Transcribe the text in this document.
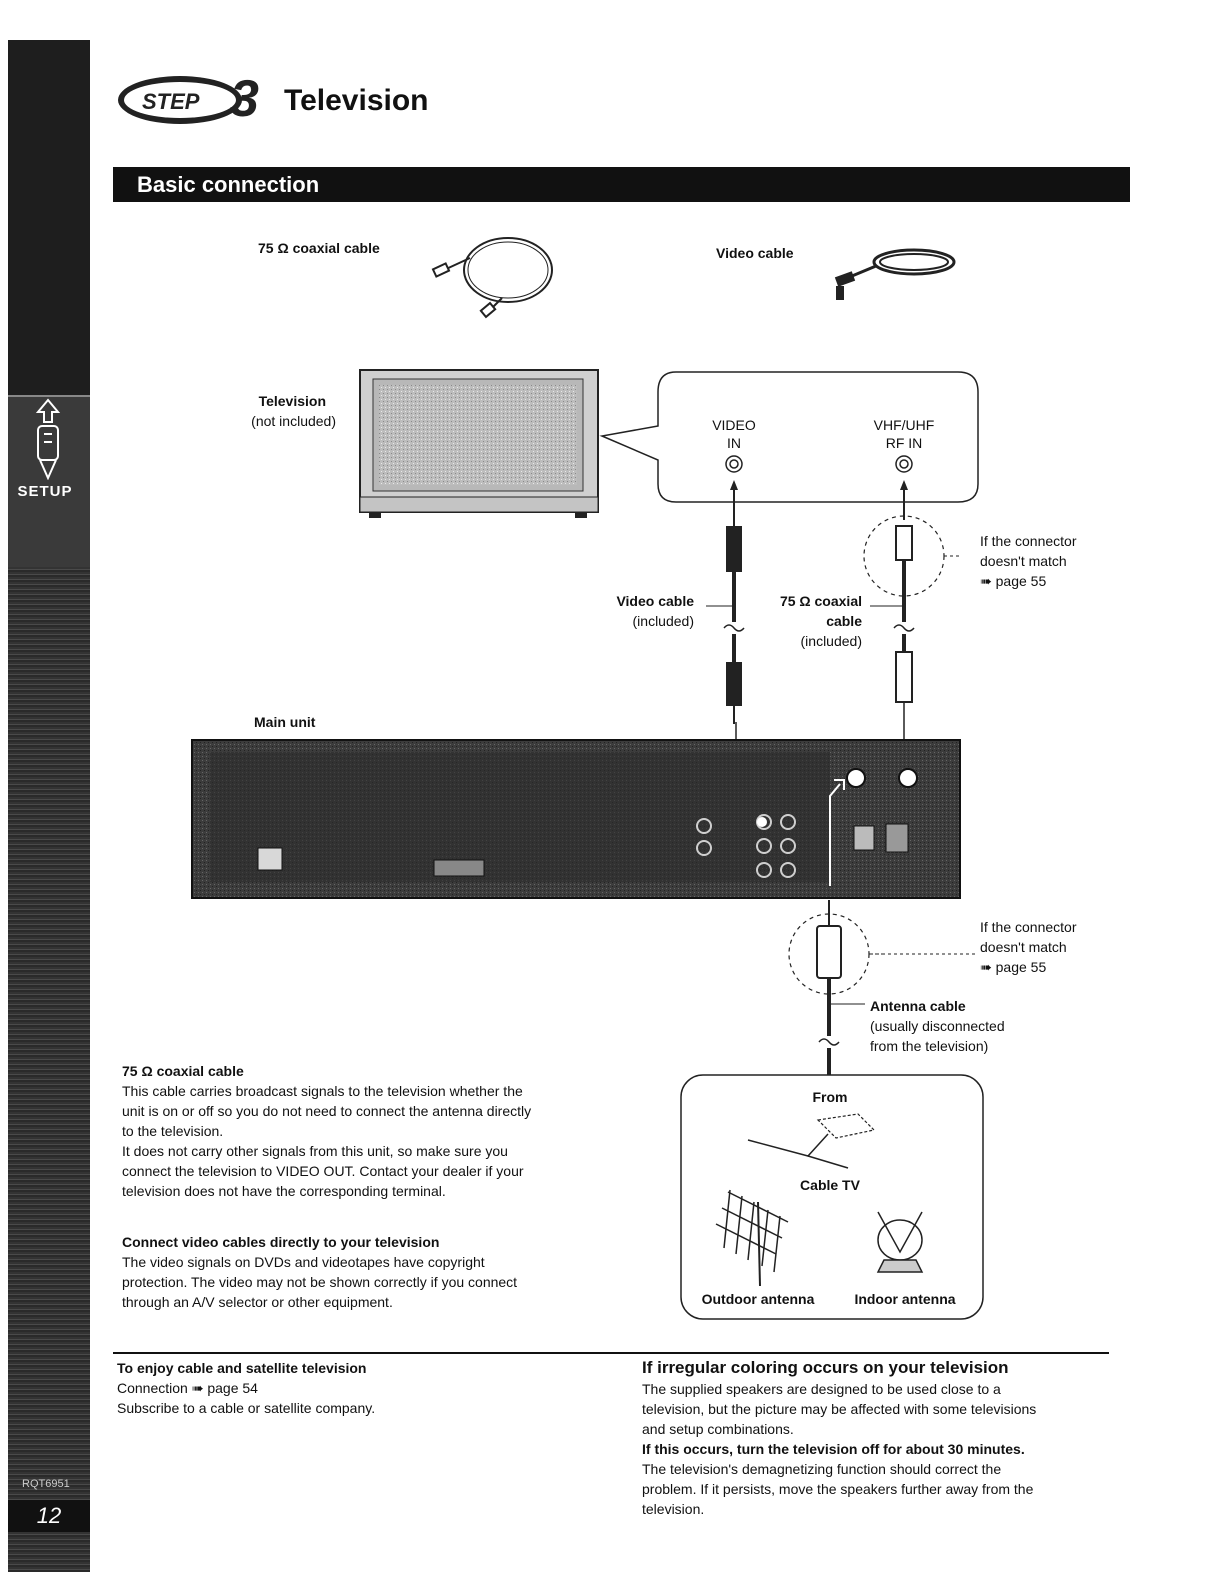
SETUP
RQT6951
12
STEP 3 Television
Basic connection
75 Ω coaxial cable	Video cable
Television
(not included)	VIDEO
IN
VHF/UHF
RF IN
If the connector
doesn't match
➠ page 55
Video cable
(included)
75 Ω coaxial
cable
(included)
Main unit
If the connector
doesn't match
➠ page 55
Antenna cable
(usually disconnected
from the television)
From
Cable TV
Outdoor antenna	Indoor antenna
75 Ω coaxial cable
This cable carries broadcast signals to the television whether the
unit is on or off so you do not need to connect the antenna directly
to the television.
It does not carry other signals from this unit, so make sure you
connect the television to VIDEO OUT. Contact your dealer if your
television does not have the corresponding terminal.
Connect video cables directly to your television
The video signals on DVDs and videotapes have copyright
protection. The video may not be shown correctly if you connect
through an A/V selector or other equipment.
To enjoy cable and satellite television
Connection ➠ page 54
Subscribe to a cable or satellite company.
If irregular coloring occurs on your television
The supplied speakers are designed to be used close to a
television, but the picture may be affected with some televisions
and setup combinations.
If this occurs, turn the television off for about 30 minutes.
The television's demagnetizing function should correct the
problem. If it persists, move the speakers further away from the
television.
